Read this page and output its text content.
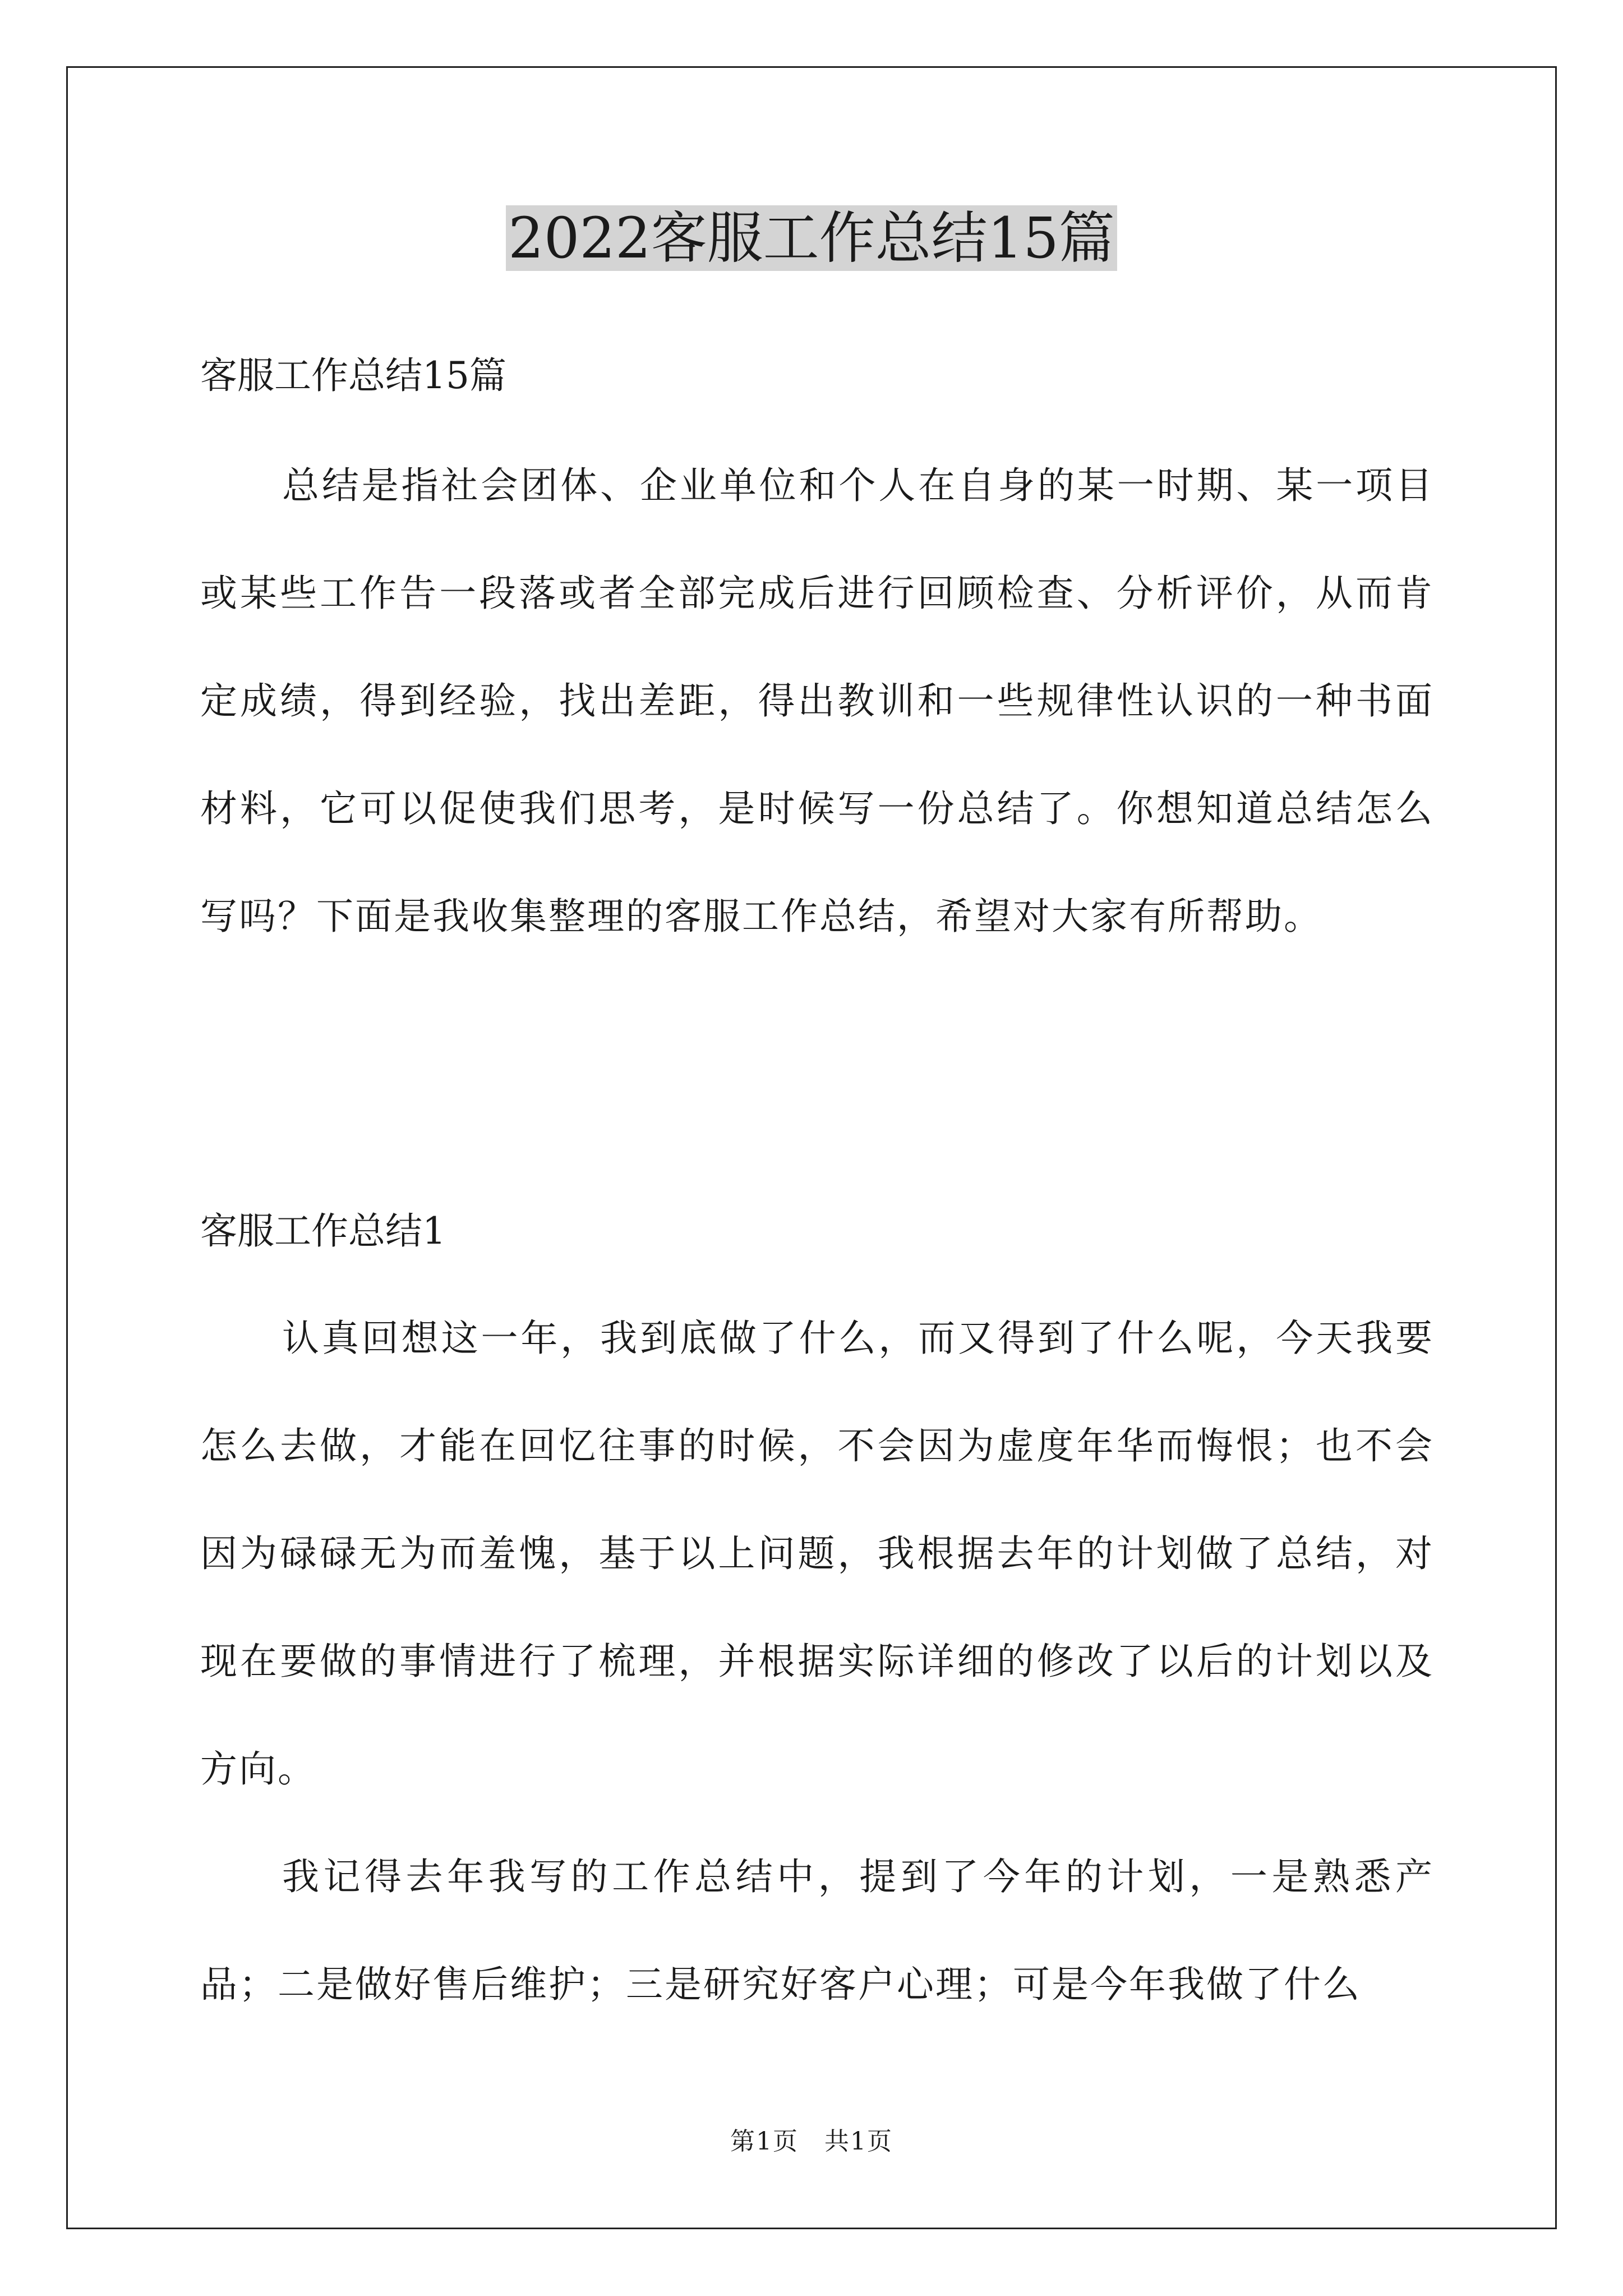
2022客服工作总结15篇
客服工作总结15篇
总结是指社会团体、企业单位和个人在自身的某一时期、某一项目或某些工作告一段落或者全部完成后进行回顾检查、分析评价，从而肯定成绩，得到经验，找出差距，得出教训和一些规律性认识的一种书面材料，它可以促使我们思考，是时候写一份总结了。你想知道总结怎么写吗？下面是我收集整理的客服工作总结，希望对大家有所帮助。
客服工作总结1
认真回想这一年，我到底做了什么，而又得到了什么呢，今天我要怎么去做，才能在回忆往事的时候，不会因为虚度年华而悔恨；也不会因为碌碌无为而羞愧，基于以上问题，我根据去年的计划做了总结，对现在要做的事情进行了梳理，并根据实际详细的修改了以后的计划以及方向。
我记得去年我写的工作总结中，提到了今年的计划，一是熟悉产品；二是做好售后维护；三是研究好客户心理；可是今年我做了什么
第1页　共1页
